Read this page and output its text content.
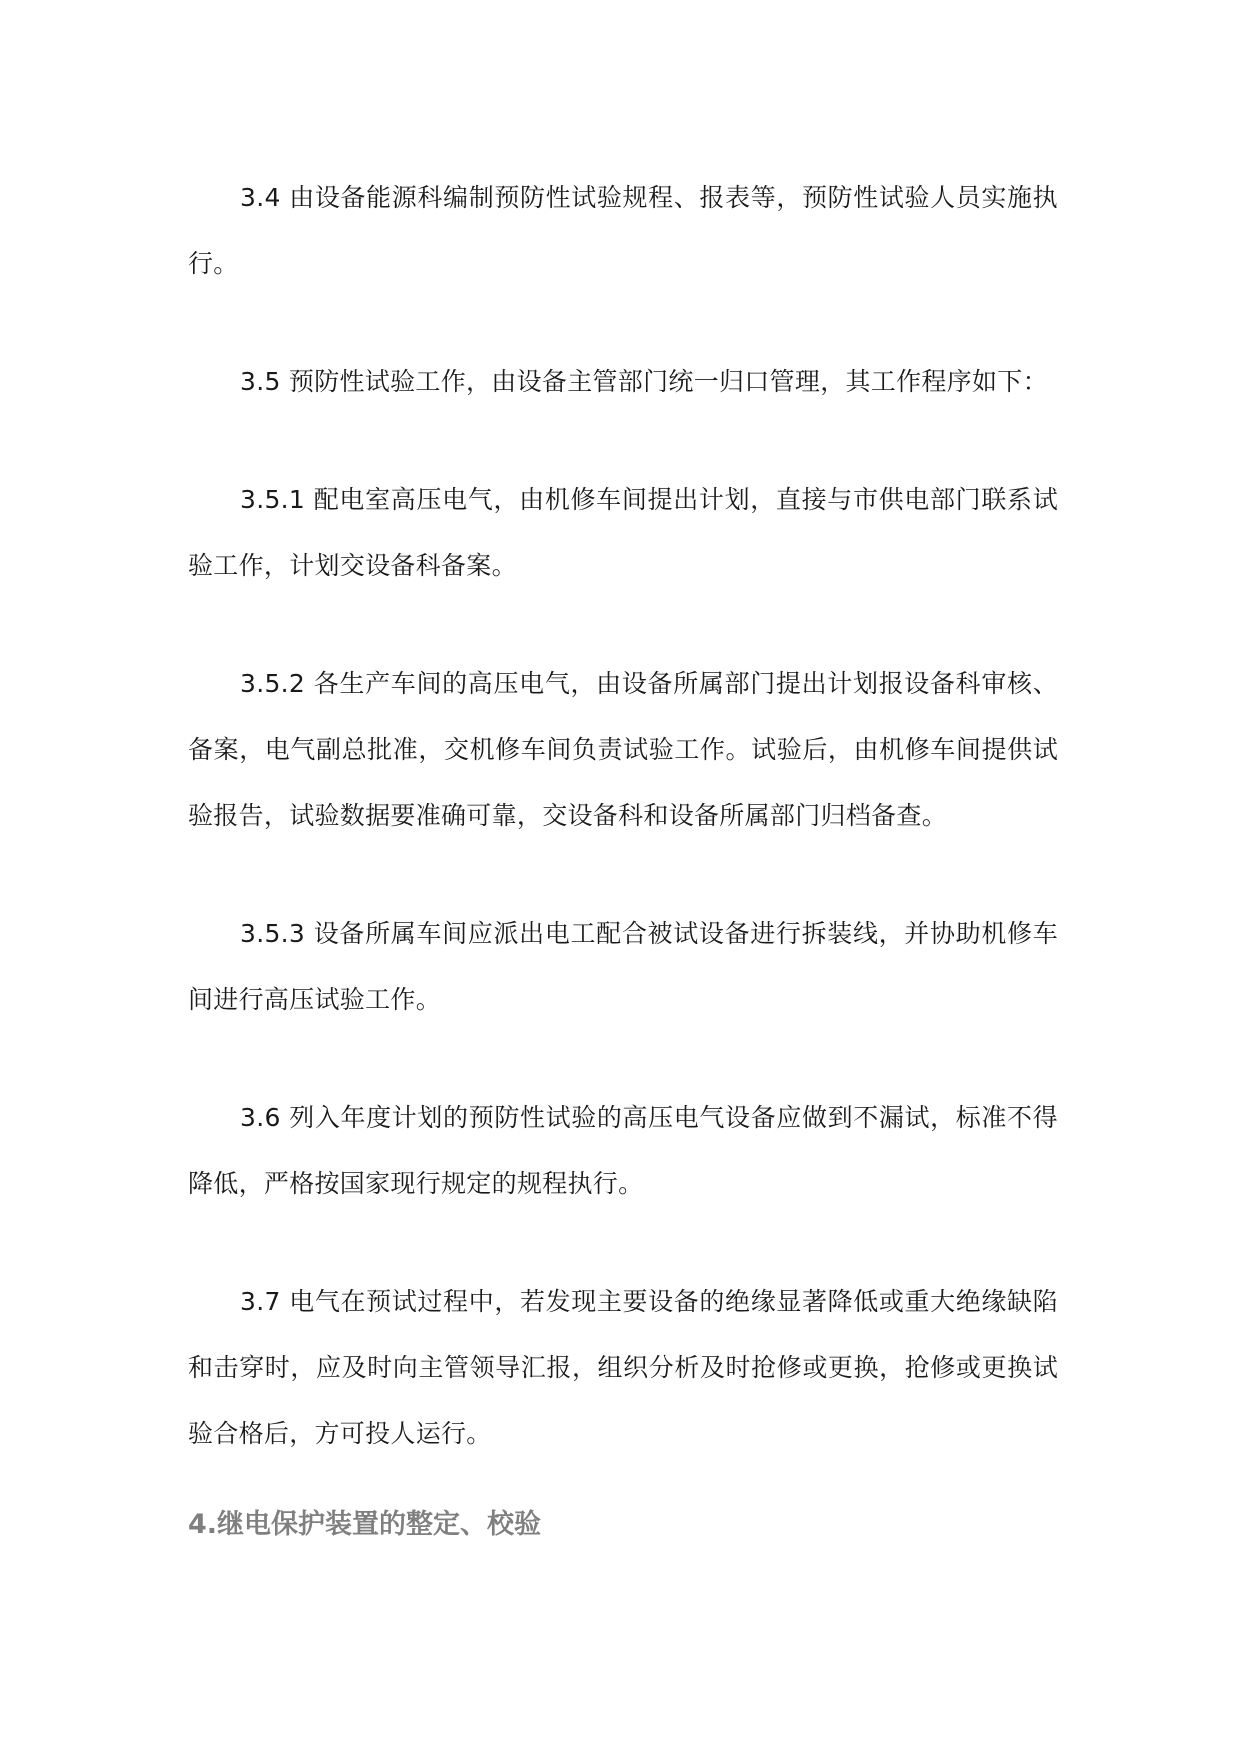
3.4 由设备能源科编制预防性试验规程、报表等，预防性试验人员实施执行。

3.5 预防性试验工作，由设备主管部门统一归口管理，其工作程序如下：

3.5.1 配电室高压电气，由机修车间提出计划，直接与市供电部门联系试验工作，计划交设备科备案。

3.5.2 各生产车间的高压电气，由设备所属部门提出计划报设备科审核、备案，电气副总批准，交机修车间负责试验工作。试验后，由机修车间提供试验报告，试验数据要准确可靠，交设备科和设备所属部门归档备查。

3.5.3 设备所属车间应派出电工配合被试设备进行拆装线，并协助机修车间进行高压试验工作。

3.6 列入年度计划的预防性试验的高压电气设备应做到不漏试，标准不得降低，严格按国家现行规定的规程执行。

3.7 电气在预试过程中，若发现主要设备的绝缘显著降低或重大绝缘缺陷和击穿时，应及时向主管领导汇报，组织分析及时抢修或更换，抢修或更换试验合格后，方可投人运行。

4.继电保护装置的整定、校验
